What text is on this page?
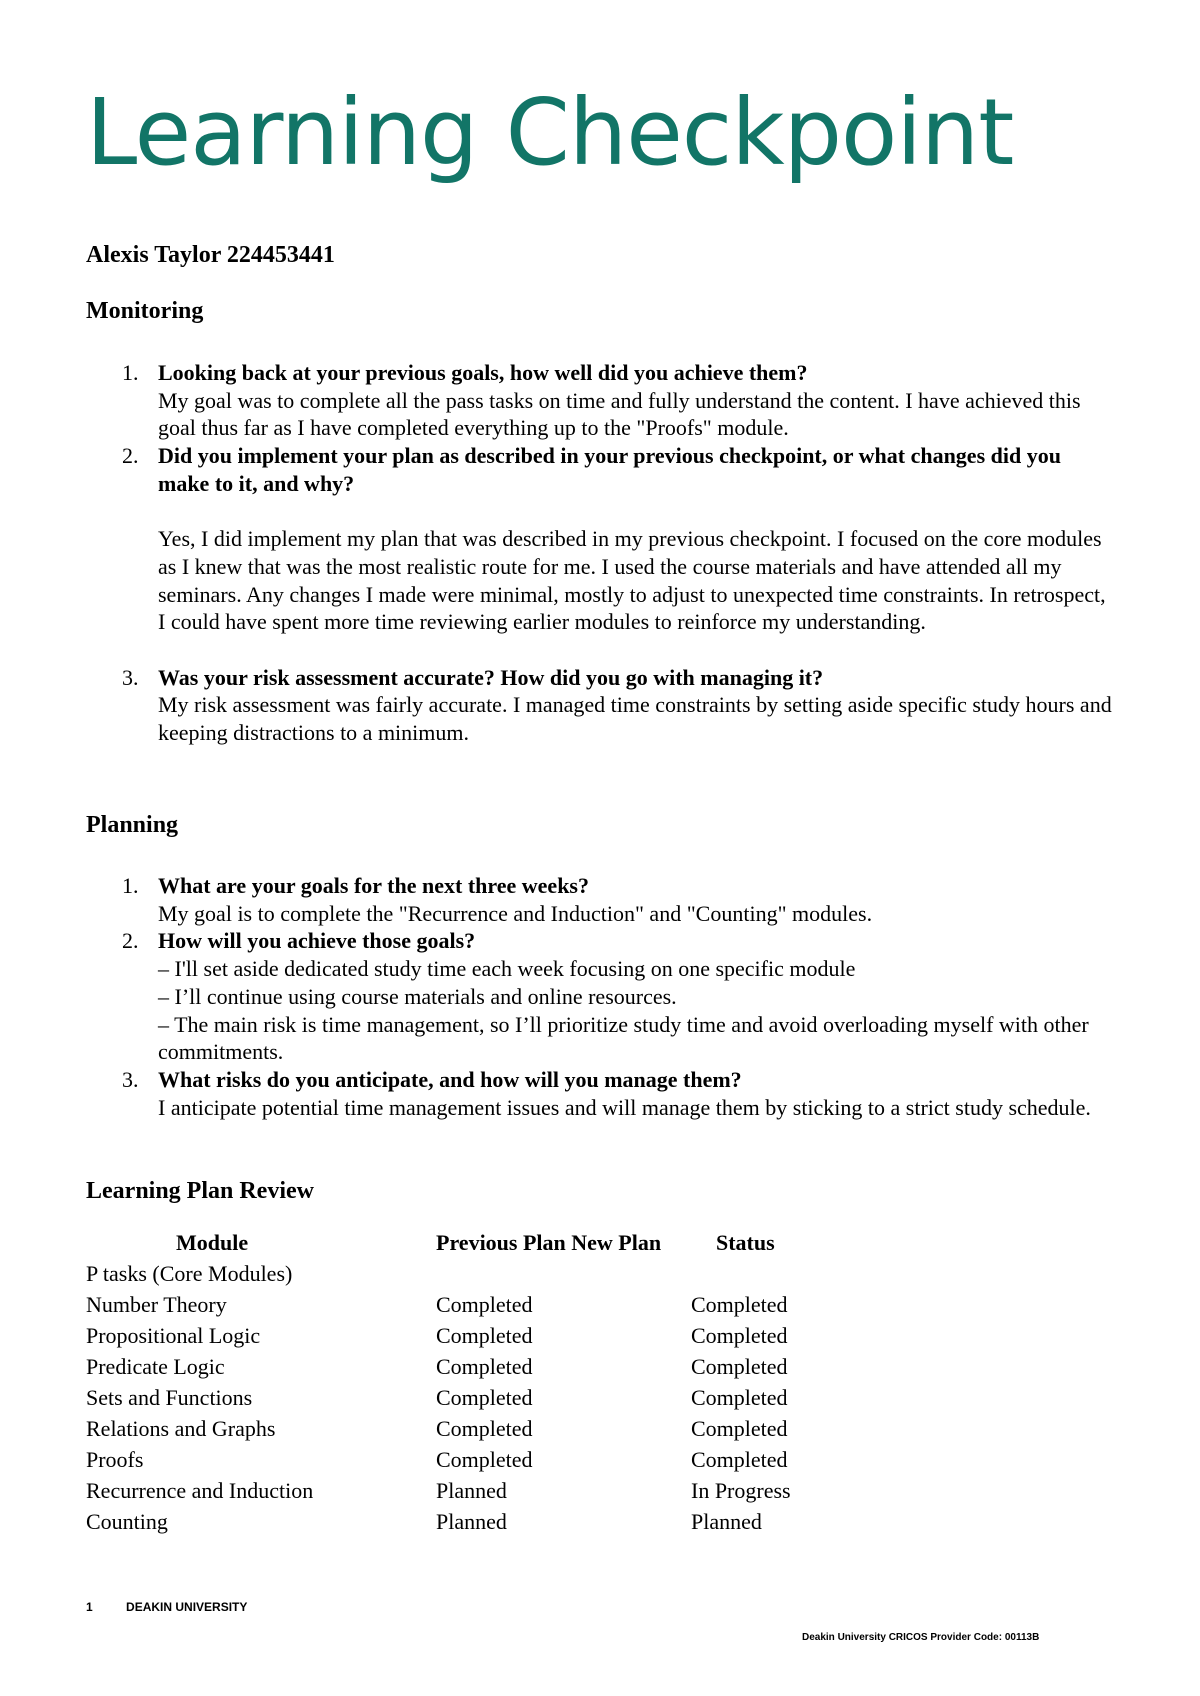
Learning Checkpoint
Alexis Taylor 224453441
Monitoring
1. Looking back at your previous goals, how well did you achieve them?
My goal was to complete all the pass tasks on time and fully understand the content. I have achieved this goal thus far as I have completed everything up to the "Proofs" module.
2. Did you implement your plan as described in your previous checkpoint, or what changes did you make to it, and why?
Yes, I did implement my plan that was described in my previous checkpoint. I focused on the core modules as I knew that was the most realistic route for me. I used the course materials and have attended all my seminars. Any changes I made were minimal, mostly to adjust to unexpected time constraints. In retrospect, I could have spent more time reviewing earlier modules to reinforce my understanding.
3. Was your risk assessment accurate? How did you go with managing it?
My risk assessment was fairly accurate. I managed time constraints by setting aside specific study hours and keeping distractions to a minimum.
Planning
1. What are your goals for the next three weeks?
My goal is to complete the "Recurrence and Induction" and "Counting" modules.
2. How will you achieve those goals?
– I'll set aside dedicated study time each week focusing on one specific module
– I’ll continue using course materials and online resources.
– The main risk is time management, so I’ll prioritize study time and avoid overloading myself with other commitments.
3. What risks do you anticipate, and how will you manage them?
I anticipate potential time management issues and will manage them by sticking to a strict study schedule.
Learning Plan Review
Module	Previous Plan New Plan	Status
P tasks (Core Modules)		
Number Theory	Completed	Completed
Propositional Logic	Completed	Completed
Predicate Logic	Completed	Completed
Sets and Functions	Completed	Completed
Relations and Graphs	Completed	Completed
Proofs	Completed	Completed
Recurrence and Induction	Planned	In Progress
Counting	Planned	Planned
1	DEAKIN UNIVERSITY
Deakin University CRICOS Provider Code: 00113B
